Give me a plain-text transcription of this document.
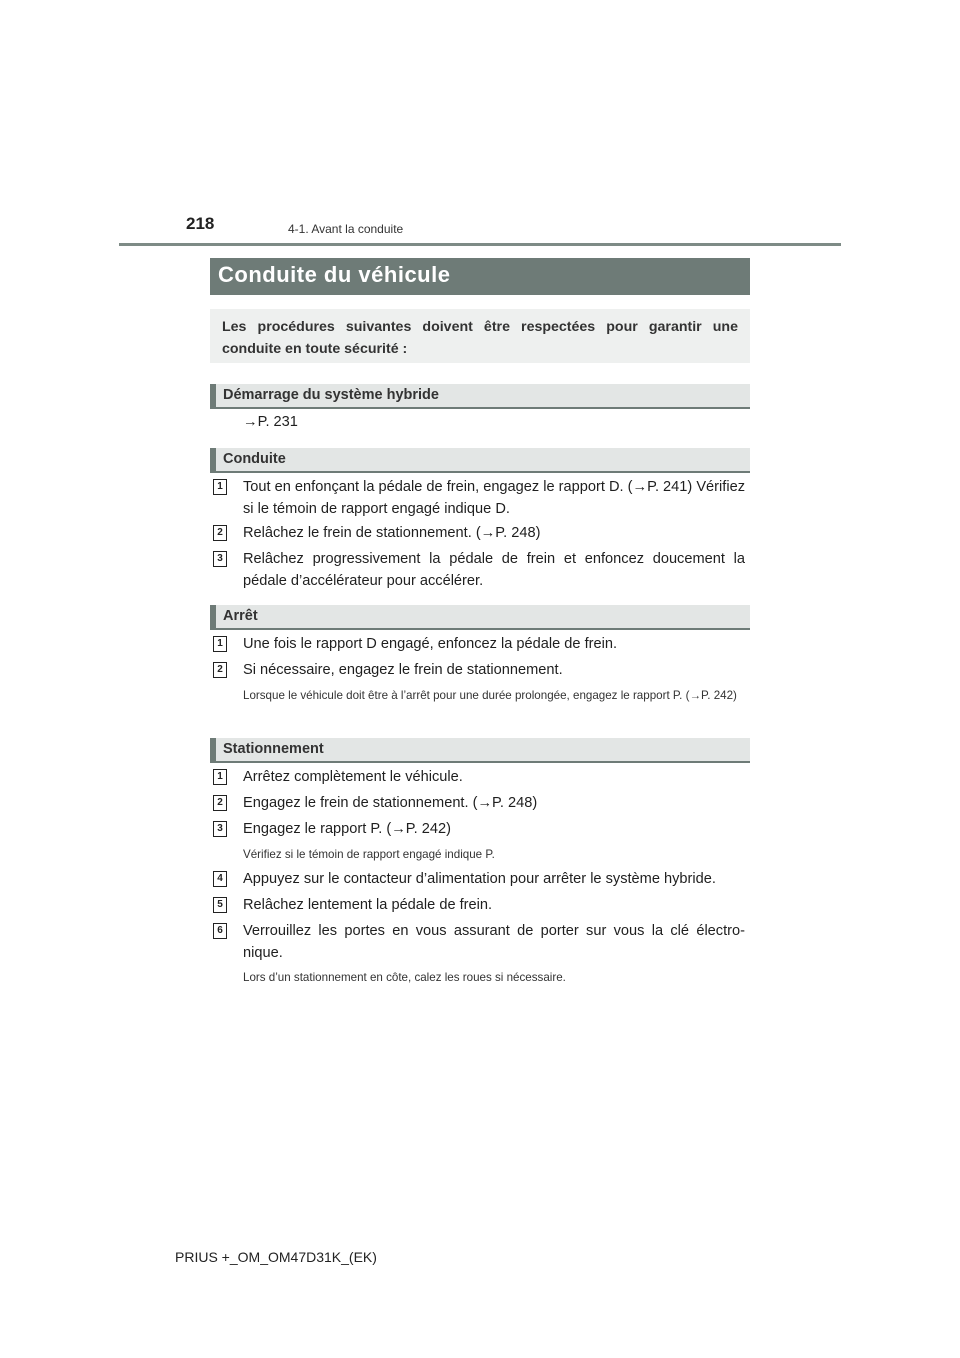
218	4-1. Avant la conduite
Conduite du véhicule
Les procédures suivantes doivent être respectées pour garantir une conduite en toute sécurité :
Démarrage du système hybride
→P. 231
Conduite
1 Tout en enfonçant la pédale de frein, engagez le rapport D. (→P. 241) Vérifiez si le témoin de rapport engagé indique D.
2 Relâchez le frein de stationnement. (→P. 248)
3 Relâchez progressivement la pédale de frein et enfoncez doucement la pédale d’accélérateur pour accélérer.
Arrêt
1 Une fois le rapport D engagé, enfoncez la pédale de frein.
2 Si nécessaire, engagez le frein de stationnement.
Lorsque le véhicule doit être à l’arrêt pour une durée prolongée, engagez le rapport P. (→P. 242)
Stationnement
1 Arrêtez complètement le véhicule.
2 Engagez le frein de stationnement. (→P. 248)
3 Engagez le rapport P. (→P. 242)
Vérifiez si le témoin de rapport engagé indique P.
4 Appuyez sur le contacteur d’alimentation pour arrêter le système hybride.
5 Relâchez lentement la pédale de frein.
6 Verrouillez les portes en vous assurant de porter sur vous la clé électro-nique.
Lors d’un stationnement en côte, calez les roues si nécessaire.
PRIUS +_OM_OM47D31K_(EK)
